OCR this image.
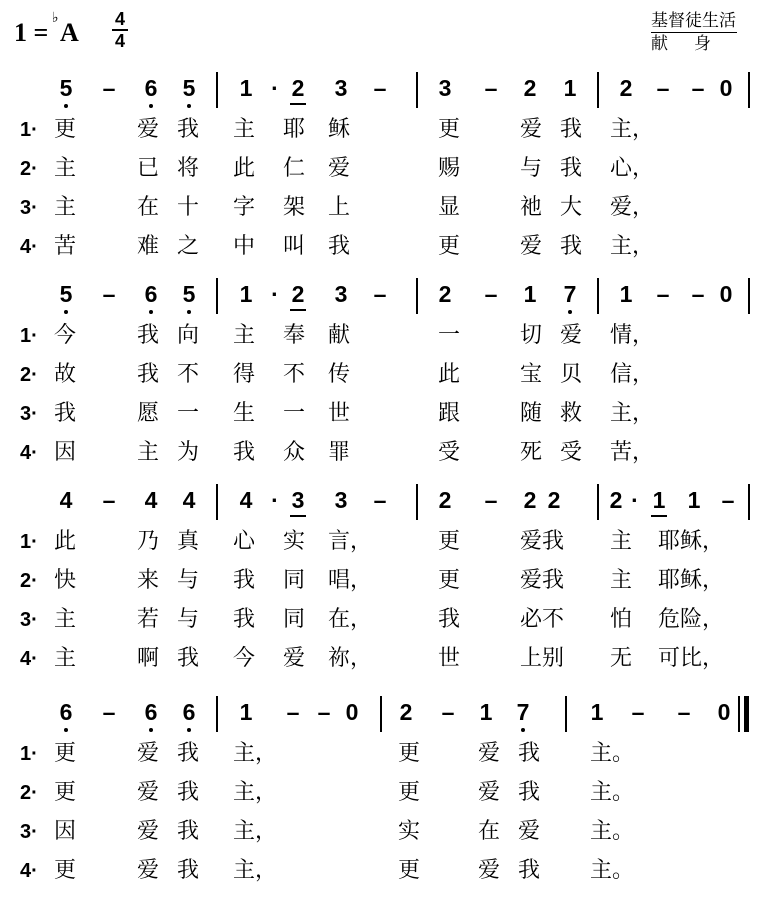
1 = ♭ A 4
4
基督徒生活
献身
5 – 6 5 1 · 2 3 – 3 – 2 1 2 – – 0
1· 更	爱 我 主 耶 稣	更	爱 我 主，
2· 主	已 将 此 仁 爱	赐	与 我 心，
3· 主	在 十 字 架 上	显	祂 大 爱，
4· 苦	难 之 中 叫 我	更	爱 我 主，
5 – 6 5 1 · 2 3 – 2 – 1 7 1 – – 0
1· 今	我 向 主 奉 献	一	切 爱 情，
2· 故	我 不 得 不 传	此	宝 贝 信，
3· 我	愿 一 生 一 世	跟	随 救 主，
4· 因	主 为 我 众 罪	受	死 受 苦，
4 – 4 4 4 · 3 3 – 2 – 2 2 2 · 1 1 –
1· 此	乃 真 心 实 言，	更	爱我 主 耶稣，
2· 快	来 与 我 同 唱，	更	爱我 主 耶稣，
3· 主	若 与 我 同 在，	我	必不 怕 危险，
4· 主	啊 我 今 爱 祢，	世	上别 无 可比，
6 – 6 6 1 – – 0 2 – 1 7	1 – – 0
1· 更	爱 我 主，	更	爱 我 主。
2· 更	爱 我 主，	更	爱 我 主。
3· 因	爱 我 主，	实	在 爱 主。
4· 更	爱 我 主，	更	爱 我 主。
